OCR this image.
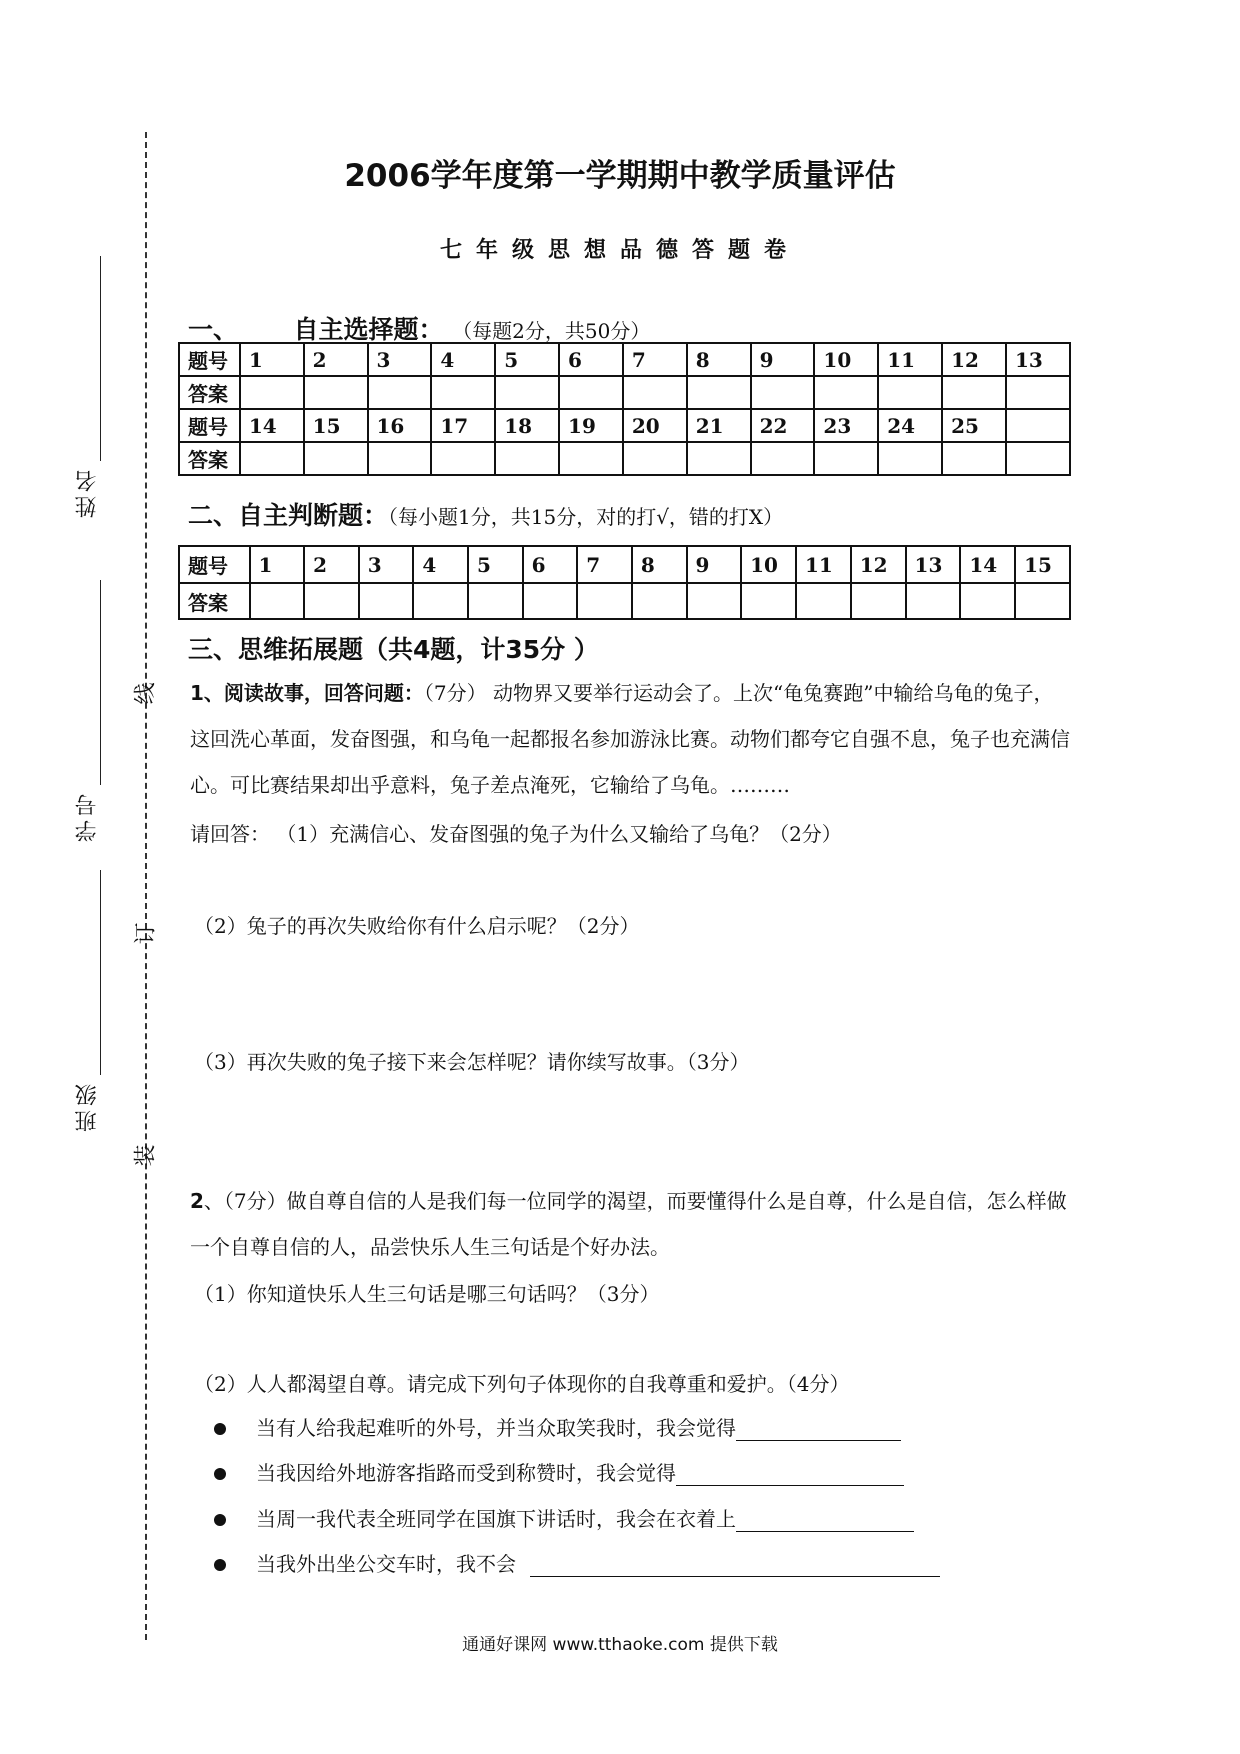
姓名
学号
班级
线
订
装
2006学年度第一学期期中教学质量评估
七年级思想品德答题卷
一、 自主选择题： （每题2分，共50分）
题号	1	2	3	4	5	6	7	8	9	10	11	12	13
答案													
题号	14	15	16	17	18	19	20	21	22	23	24	25	
答案													
二、自主判断题：（每小题1分，共15分，对的打√，错的打X）
题号	1	2	3	4	5	6	7	8	9	10	11	12	13	14	15
答案															
三、思维拓展题（共4题，计35分 ）
1、阅读故事，回答问题：（7分） 动物界又要举行运动会了。上次“龟兔赛跑”中输给乌龟的兔子，这回洗心革面，发奋图强，和乌龟一起都报名参加游泳比赛。动物们都夸它自强不息，兔子也充满信心。可比赛结果却出乎意料，兔子差点淹死，它输给了乌龟。………
请回答： （1）充满信心、发奋图强的兔子为什么又输给了乌龟？（2分）
（2）兔子的再次失败给你有什么启示呢？（2分）
（3）再次失败的兔子接下来会怎样呢？请你续写故事。（3分）
2、（7分）做自尊自信的人是我们每一位同学的渴望，而要懂得什么是自尊，什么是自信，怎么样做一个自尊自信的人，品尝快乐人生三句话是个好办法。
（1）你知道快乐人生三句话是哪三句话吗？（3分）
（2）人人都渴望自尊。请完成下列句子体现你的自我尊重和爱护。（4分）
当有人给我起难听的外号，并当众取笑我时，我会觉得
当我因给外地游客指路而受到称赞时，我会觉得
当周一我代表全班同学在国旗下讲话时，我会在衣着上
当我外出坐公交车时，我不会
通通好课网 www.tthaoke.com 提供下载
